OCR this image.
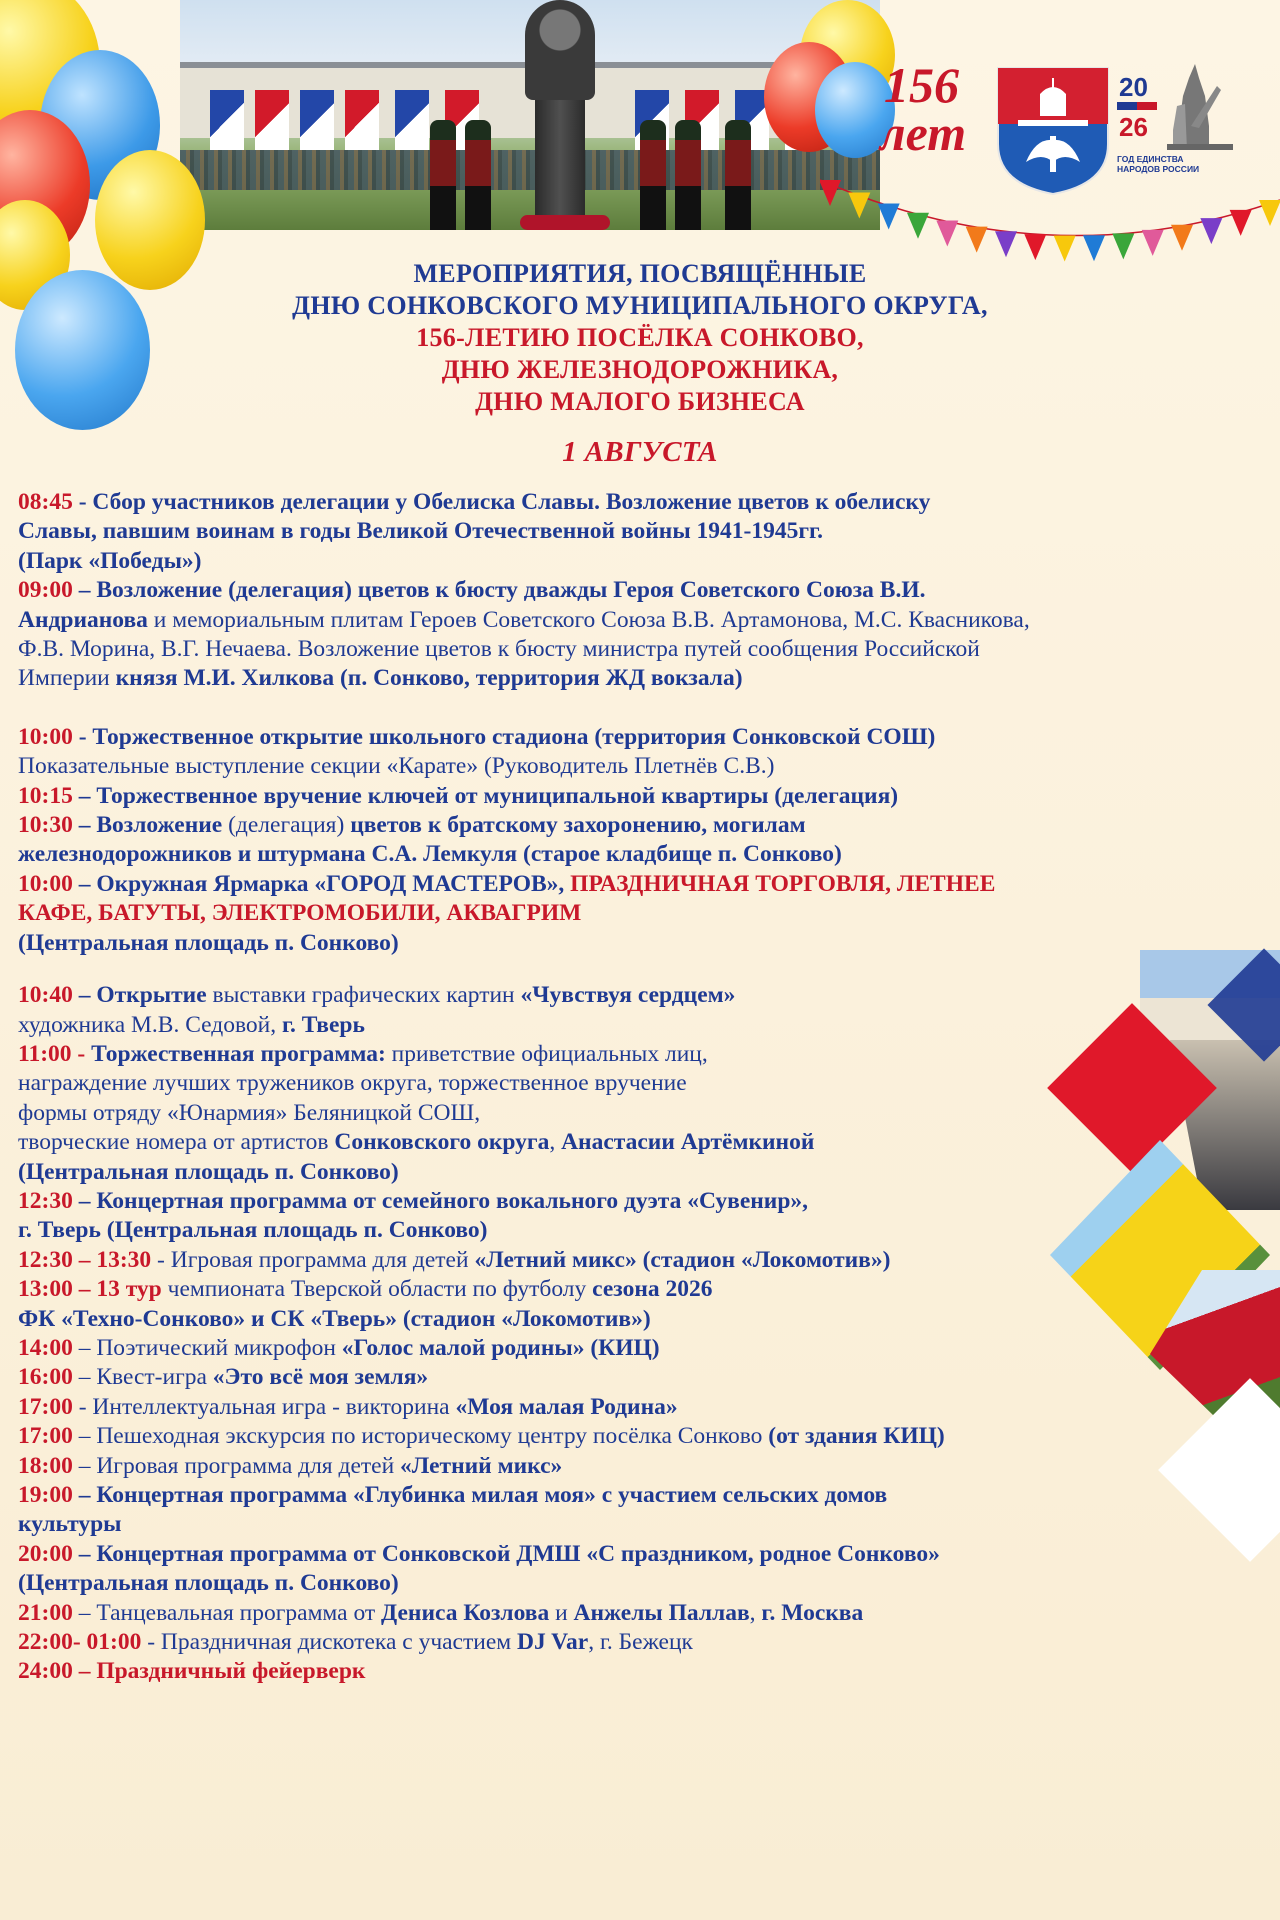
156
лет
20
26
ГОД ЕДИНСТВА
НАРОДОВ РОССИИ
МЕРОПРИЯТИЯ, ПОСВЯЩЁННЫЕ
ДНЮ СОНКОВСКОГО МУНИЦИПАЛЬНОГО ОКРУГА,
156-ЛЕТИЮ ПОСЁЛКА СОНКОВО,
ДНЮ ЖЕЛЕЗНОДОРОЖНИКА,
ДНЮ МАЛОГО БИЗНЕСА
1 АВГУСТА

08:45 - Сбор участников делегации у Обелиска Славы. Возложение цветов к обелиску

Славы, павшим воинам в годы Великой Отечественной войны 1941-1945гг.

(Парк «Победы»)

09:00 – Возложение (делегация) цветов к бюсту дважды Героя Советского Союза В.И.

Андрианова и мемориальным плитам Героев Советского Союза В.В. Артамонова, М.С. Квасникова,

Ф.В. Морина, В.Г. Нечаева. Возложение цветов к бюсту министра путей сообщения Российской

Империи князя М.И. Хилкова (п. Сонково, территория ЖД вокзала)

10:00 - Торжественное открытие школьного стадиона (территория Сонковской СОШ)

Показательные выступление секции «Карате» (Руководитель Плетнёв С.В.)

10:15 – Торжественное вручение ключей от муниципальной квартиры (делегация)

10:30 – Возложение (делегация) цветов к братскому захоронению, могилам

железнодорожников и штурмана С.А. Лемкуля (старое кладбище п. Сонково)

10:00 – Окружная Ярмарка «ГОРОД МАСТЕРОВ», ПРАЗДНИЧНАЯ ТОРГОВЛЯ, ЛЕТНЕЕ

КАФЕ, БАТУТЫ, ЭЛЕКТРОМОБИЛИ, АКВАГРИМ

(Центральная площадь п. Сонково)

10:40 – Открытие выставки графических картин «Чувствуя сердцем»

художника М.В. Седовой, г. Тверь

11:00 - Торжественная программа: приветствие официальных лиц,

награждение лучших тружеников округа, торжественное вручение

формы отряду «Юнармия» Беляницкой СОШ,

творческие номера от артистов Сонковского округа, Анастасии Артёмкиной

(Центральная площадь п. Сонково)

12:30 – Концертная программа от семейного вокального дуэта «Сувенир»,

г. Тверь (Центральная площадь п. Сонково)

12:30 – 13:30 - Игровая программа для детей «Летний микс» (стадион «Локомотив»)

13:00 – 13 тур чемпионата Тверской области по футболу сезона 2026

ФК «Техно-Сонково» и СК «Тверь» (стадион «Локомотив»)

14:00 – Поэтический микрофон «Голос малой родины» (КИЦ)

16:00 – Квест-игра «Это всё моя земля»

17:00 - Интеллектуальная игра - викторина «Моя малая Родина»

17:00 – Пешеходная экскурсия по историческому центру посёлка Сонково (от здания КИЦ)

18:00 – Игровая программа для детей «Летний микс»

19:00 – Концертная программа «Глубинка милая моя» с участием сельских домов

культуры

20:00 – Концертная программа от Сонковской ДМШ «С праздником, родное Сонково»

(Центральная площадь п. Сонково)

21:00 – Танцевальная программа от Дениса Козлова и Анжелы Паллав, г. Москва

22:00- 01:00 - Праздничная дискотека с участием DJ Var, г. Бежецк

24:00 – Праздничный фейерверк
